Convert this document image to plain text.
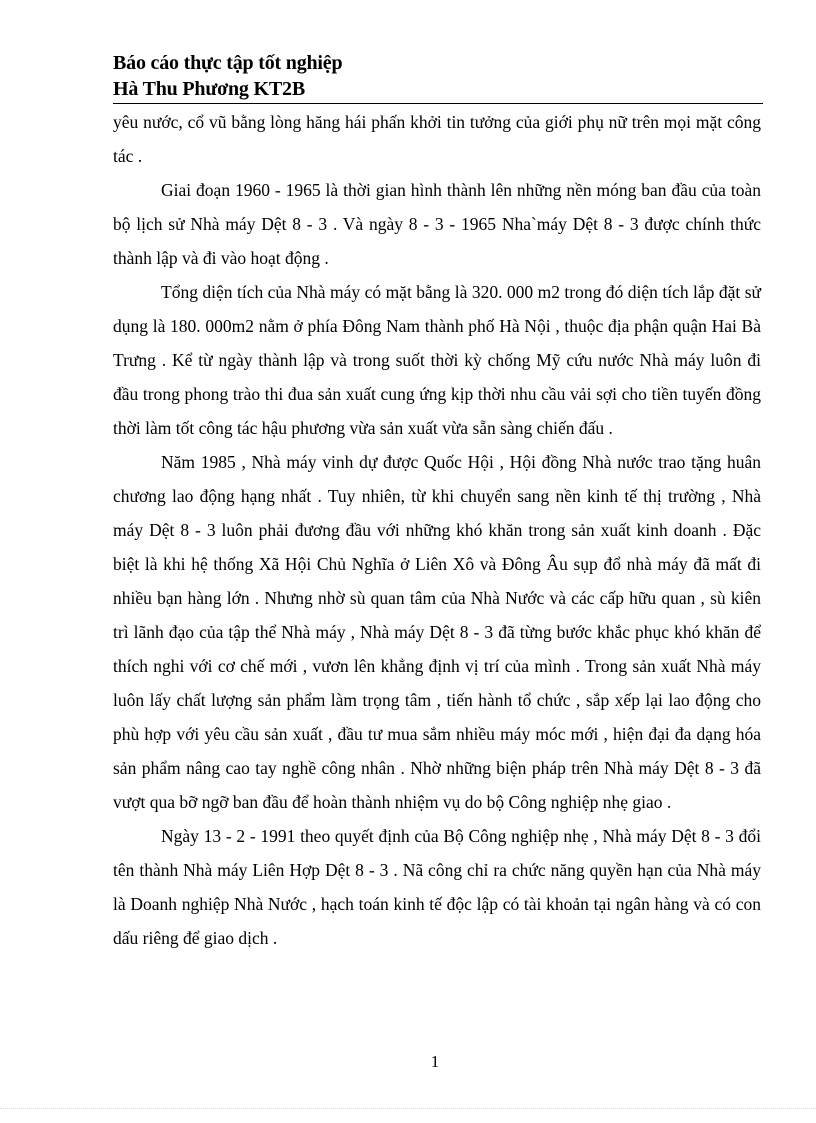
Báo cáo thực tập tốt nghiệp
Hà Thu Phương KT2B

yêu nước, cổ vũ bằng lòng hăng hái phấn khởi tin tưởng của giới phụ nữ trên mọi mặt công tác .

Giai đoạn 1960 - 1965 là thời gian hình thành lên những nền móng ban đầu của toàn bộ lịch sử Nhà máy Dệt 8 - 3 . Và ngày 8 - 3 - 1965 Nha`máy Dệt 8 - 3 được chính thức thành lập và đi vào hoạt động .

Tổng diện tích của Nhà máy có mặt bằng là 320. 000 m2 trong đó diện tích lắp đặt sử dụng là 180. 000m2 nằm ở phía Đông Nam thành phố Hà Nội , thuộc địa phận quận Hai Bà Trưng . Kể từ ngày thành lập và trong suốt thời kỳ chống Mỹ cứu nước Nhà máy luôn đi đầu trong phong trào thi đua sản xuất cung ứng kịp thời nhu cầu vải sợi cho tiền tuyến đồng thời làm tốt công tác hậu phương vừa sản xuất vừa sẵn sàng chiến đấu .

Năm 1985 , Nhà máy vinh dự được Quốc Hội , Hội đồng Nhà nước trao tặng huân chương lao động hạng nhất . Tuy nhiên, từ khi chuyển sang nền kinh tế thị trường , Nhà máy Dệt 8 - 3 luôn phải đương đầu với những khó khăn trong sản xuất kinh doanh . Đặc biệt là khi hệ thống Xã Hội Chủ Nghĩa ở Liên Xô và Đông Âu sụp đổ nhà máy đã mất đi nhiều bạn hàng lớn . Nhưng nhờ sù quan tâm của Nhà Nước và các cấp hữu quan , sù kiên trì lãnh đạo của tập thể Nhà máy , Nhà máy Dệt 8 - 3 đã từng bước khắc phục khó khăn để thích nghi với cơ chế mới , vươn lên khẳng định vị trí của mình . Trong sản xuất Nhà máy luôn lấy chất lượng sản phẩm làm trọng tâm , tiến hành tổ chức , sắp xếp lại lao động cho phù hợp với yêu cầu sản xuất , đầu tư mua sắm nhiều máy móc mới , hiện đại đa dạng hóa sản phẩm nâng cao tay nghề công nhân . Nhờ những biện pháp trên Nhà máy Dệt 8 - 3 đã vượt qua bỡ ngỡ ban đầu để hoàn thành nhiệm vụ do bộ Công nghiệp nhẹ giao .

Ngày 13 - 2 - 1991 theo quyết định của Bộ Công nghiệp nhẹ , Nhà máy Dệt 8 - 3 đổi tên thành Nhà máy Liên Hợp Dệt 8 - 3 . Nã công chỉ ra chức năng quyền hạn của Nhà máy là Doanh nghiệp Nhà Nước , hạch toán kinh tế độc lập có tài khoản tại ngân hàng và có con dấu riêng để giao dịch .

1
